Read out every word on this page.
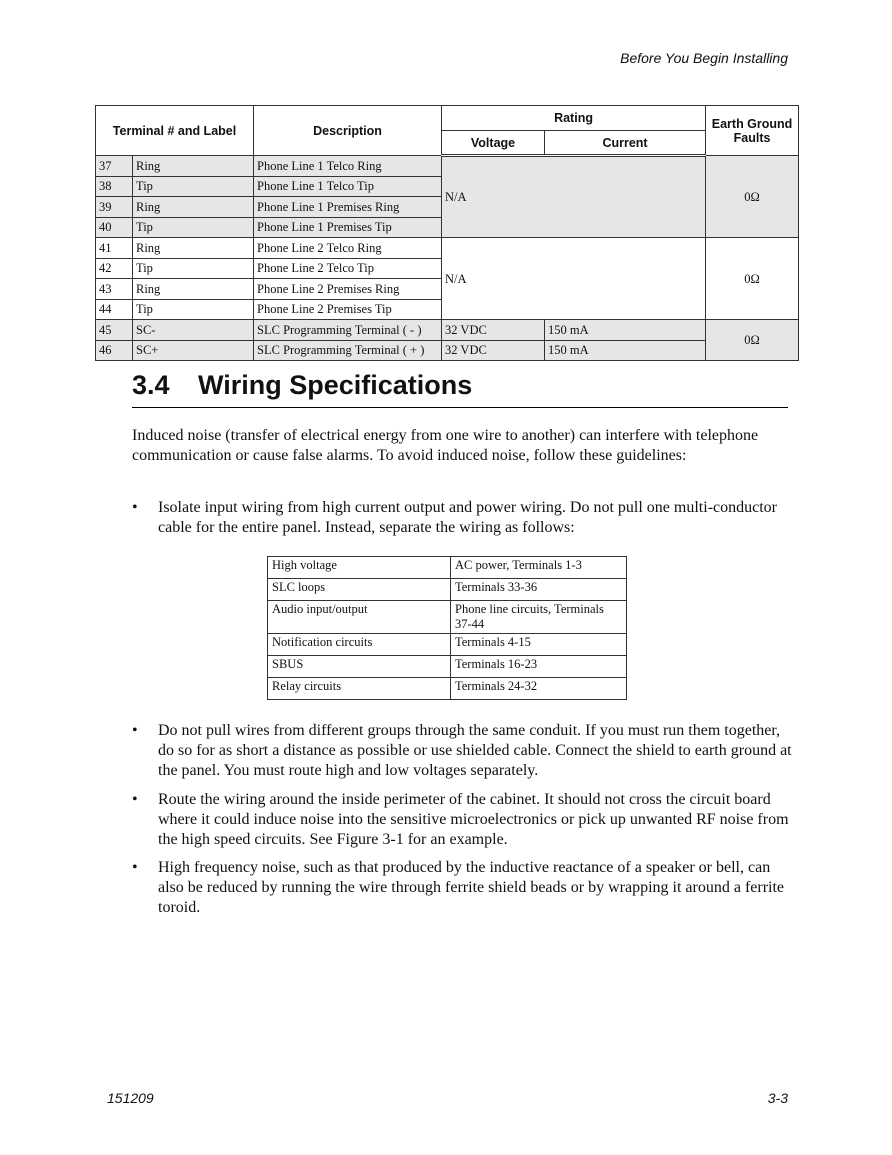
Before You Begin Installing
Terminal # and Label		Description	Rating		Earth Ground Faults
			Voltage	Current	
37	Ring	Phone Line 1 Telco Ring	N/A		0Ω
38	Tip	Phone Line 1 Telco Tip			
39	Ring	Phone Line 1 Premises Ring			
40	Tip	Phone Line 1 Premises Tip			
41	Ring	Phone Line 2 Telco Ring	N/A		0Ω
42	Tip	Phone Line 2 Telco Tip			
43	Ring	Phone Line 2 Premises Ring			
44	Tip	Phone Line 2 Premises Tip			
45	SC-	SLC Programming Terminal ( - )	32 VDC	150 mA	0Ω
46	SC+	SLC Programming Terminal ( + )	32 VDC	150 mA	
3.4 Wiring Specifications

Induced noise (transfer of electrical energy from one wire to another) can interfere with telephone communication or cause false alarms. To avoid induced noise, follow these guidelines:

• Isolate input wiring from high current output and power wiring. Do not pull one multi-conductor cable for the entire panel. Instead, separate the wiring as follows:
High voltage	AC power, Terminals 1-3
SLC loops	Terminals 33-36
Audio input/output	Phone line circuits, Terminals 37-44
Notification circuits	Terminals 4-15
SBUS	Terminals 16-23
Relay circuits	Terminals 24-32
• Do not pull wires from different groups through the same conduit. If you must run them together, do so for as short a distance as possible or use shielded cable. Connect the shield to earth ground at the panel. You must route high and low voltages separately.
• Route the wiring around the inside perimeter of the cabinet. It should not cross the circuit board where it could induce noise into the sensitive microelectronics or pick up unwanted RF noise from the high speed circuits. See Figure 3-1 for an example.
• High frequency noise, such as that produced by the inductive reactance of a speaker or bell, can also be reduced by running the wire through ferrite shield beads or by wrapping it around a ferrite toroid.
151209	3-3
